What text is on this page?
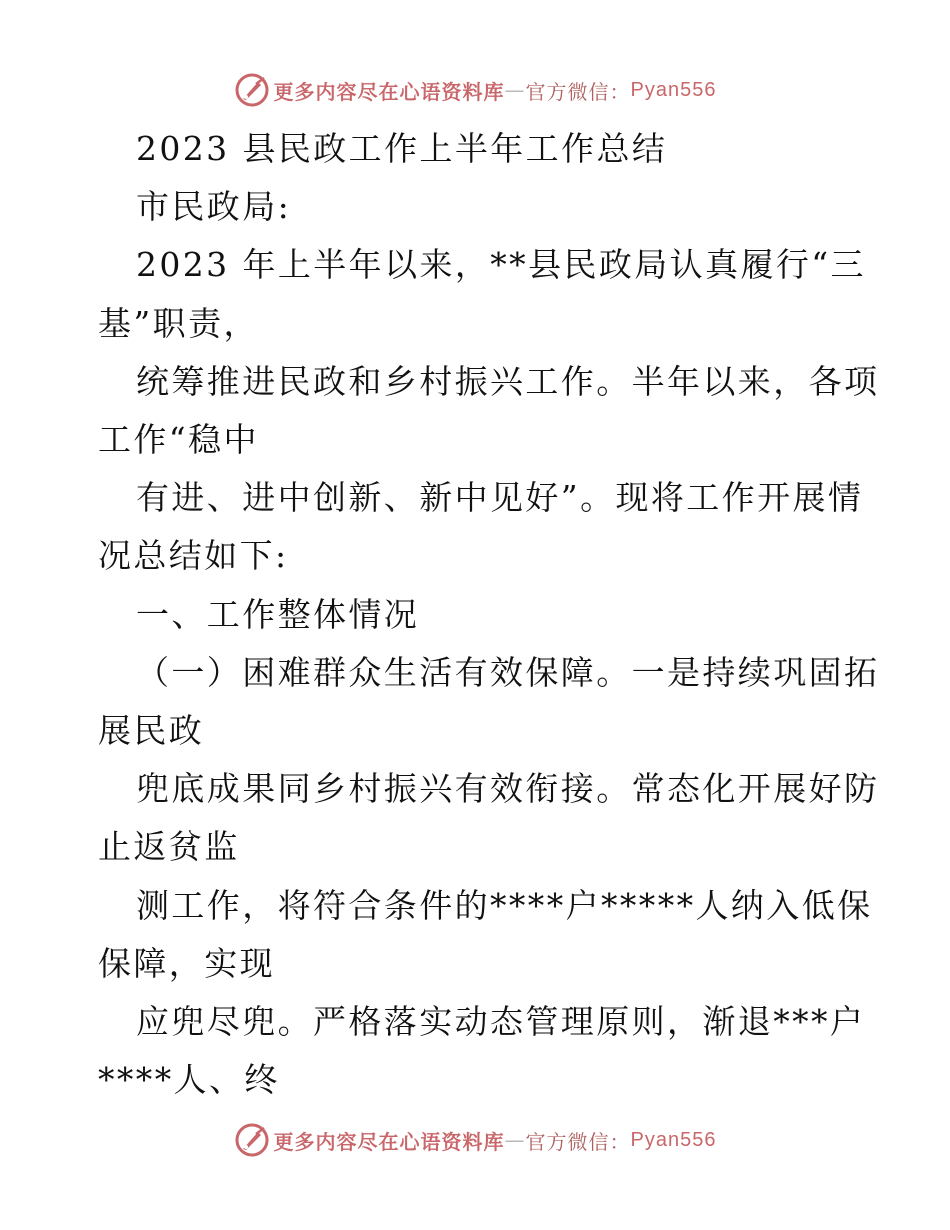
更多内容尽在心语资料库 — 官方微信： Pyan556

2023 县民政工作上半年工作总结

市民政局:

2023 年上半年以来，**县民政局认真履行“三

基”职责，

统筹推进民政和乡村振兴工作。半年以来，各项

工作“稳中

有进、进中创新、新中见好”。现将工作开展情

况总结如下:

一、工作整体情况

（一）困难群众生活有效保障。一是持续巩固拓

展民政

兜底成果同乡村振兴有效衔接。常态化开展好防

止返贫监

测工作，将符合条件的****户*****人纳入低保

保障，实现

应兜尽兜。严格落实动态管理原则，渐退***户

****人、终

更多内容尽在心语资料库 — 官方微信： Pyan556
